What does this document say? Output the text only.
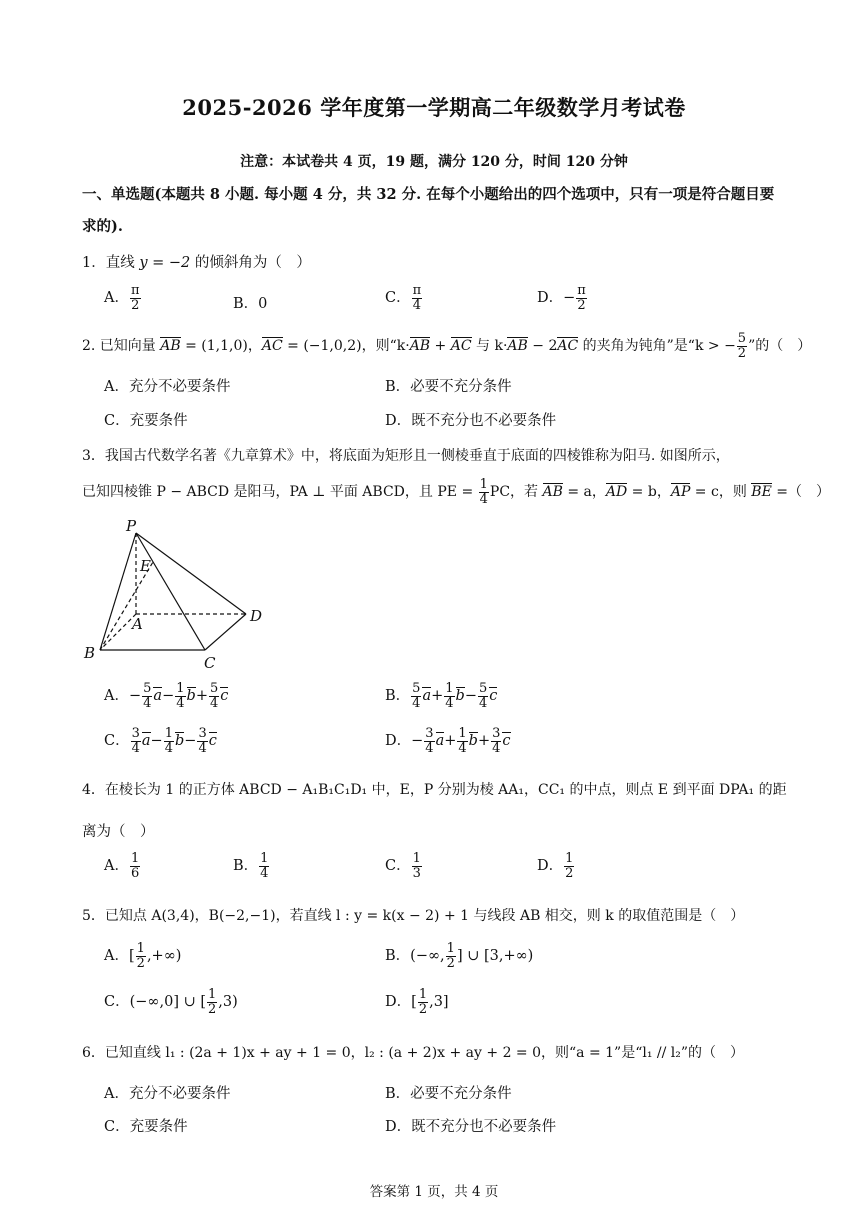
2025-2026 学年度第一学期高二年级数学月考试卷
注意：本试卷共 4 页，19 题，满分 120 分，时间 120 分钟
一、单选题(本题共 8 小题. 每小题 4 分，共 32 分. 在每个小题给出的四个选项中，只有一项是符合题目要
求的).
1．直线 y = −2 的倾斜角为（　）
A． $\frac{\pi}{2}$	B．0	C． $\frac{\pi}{4}$	D．− $\frac{\pi}{2}$
2. 已知向量 AB = (1,1,0)，AC = (−1,0,2)，则“k·AB + AC 与 k·AB − 2AC 的夹角为钝角”是“k > − $\frac{5}{2}$ ”的（　）
A．充分不必要条件	B．必要不充分条件
C．充要条件	D．既不充分也不必要条件
3．我国古代数学名著《九章算术》中，将底面为矩形且一侧棱垂直于底面的四棱锥称为阳马. 如图所示，
已知四棱锥 P − ABCD 是阳马，PA ⊥ 平面 ABCD，且 PE = $\frac{1}{4}$ PC，若 AB = a，AD = b，AP = c，则 BE =（　）
P
E
A
B
C
D
A．− $\frac{5}{4} a- \frac{1}{4} b+ \frac{5}{4}$ c	B． $\frac{5}{4} a+ \frac{1}{4} b- \frac{5}{4}$ c
C． $\frac{3}{4} a- \frac{1}{4} b- \frac{3}{4}$ c	D．− $\frac{3}{4} a+ \frac{1}{4} b+ \frac{3}{4}$ c
4．在棱长为 1 的正方体 ABCD − A₁B₁C₁D₁ 中，E，P 分别为棱 AA₁，CC₁ 的中点，则点 E 到平面 DPA₁ 的距
离为（　）
A． $\frac{1}{6}$	B． $\frac{1}{4}$	C． $\frac{1}{3}$	D． $\frac{1}{2}$
5．已知点 A(3,4)，B(−2,−1)，若直线 l : y = k(x − 2) + 1 与线段 AB 相交，则 k 的取值范围是（　）
A．[ $\frac{1}{2}$ ,+∞)	B．(−∞, $\frac{1}{2}$ ] ∪ [3,+∞)
C．(−∞,0] ∪ [ $\frac{1}{2} ,3$)	D．[ $\frac{1}{2} ,3$]
6．已知直线 l₁ : (2a + 1)x + ay + 1 = 0，l₂ : (a + 2)x + ay + 2 = 0，则“a = 1”是“l₁ // l₂”的（　）
A．充分不必要条件	B．必要不充分条件
C．充要条件	D．既不充分也不必要条件
答案第 1 页，共 4 页
